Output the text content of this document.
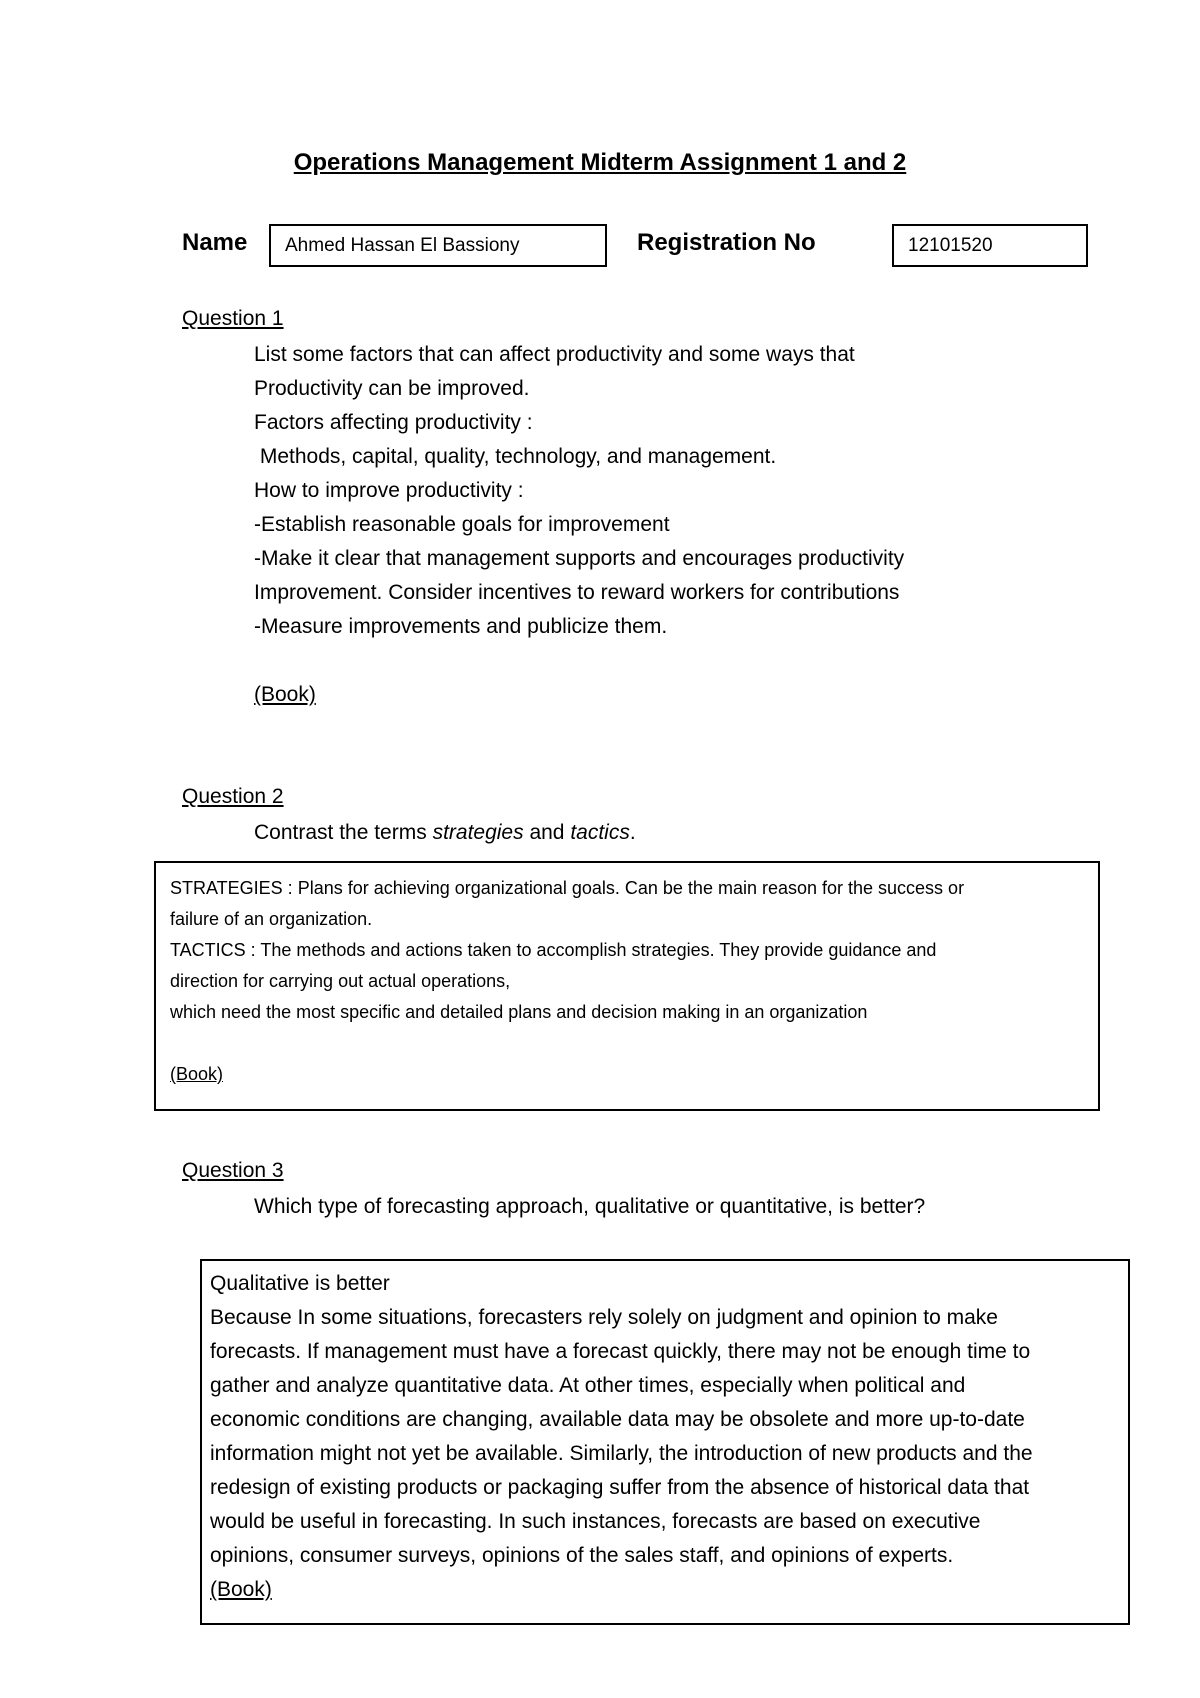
Operations Management Midterm Assignment 1 and 2
Name	Ahmed Hassan El Bassiony	Registration No	12101520
Question 1
List some factors that can affect productivity and some ways that
Productivity can be improved.
Factors affecting productivity :
Methods, capital, quality, technology, and management.
How to improve productivity :
-Establish reasonable goals for improvement
-Make it clear that management supports and encourages productivity
Improvement. Consider incentives to reward workers for contributions
-Measure improvements and publicize them.
(Book)
Question 2
Contrast the terms strategies and tactics.
STRATEGIES : Plans for achieving organizational goals. Can be the main reason for the success or
failure of an organization.
TACTICS : The methods and actions taken to accomplish strategies. They provide guidance and
direction for carrying out actual operations,
which need the most specific and detailed plans and decision making in an organization
(Book)
Question 3
Which type of forecasting approach, qualitative or quantitative, is better?
Qualitative is better
Because In some situations, forecasters rely solely on judgment and opinion to make
forecasts. If management must have a forecast quickly, there may not be enough time to
gather and analyze quantitative data. At other times, especially when political and
economic conditions are changing, available data may be obsolete and more up-to-date
information might not yet be available. Similarly, the introduction of new products and the
redesign of existing products or packaging suffer from the absence of historical data that
would be useful in forecasting. In such instances, forecasts are based on executive
opinions, consumer surveys, opinions of the sales staff, and opinions of experts.
(Book)
